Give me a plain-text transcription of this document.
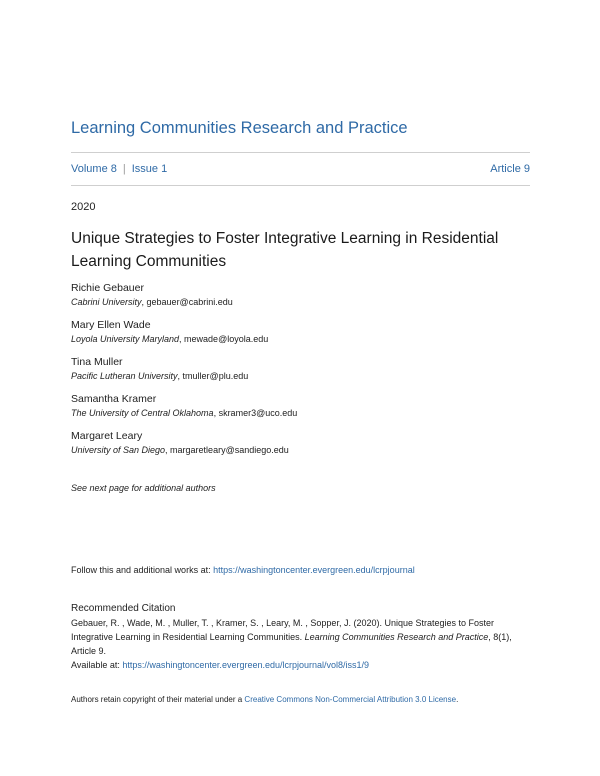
Learning Communities Research and Practice
Volume 8 | Issue 1	Article 9
2020
Unique Strategies to Foster Integrative Learning in Residential Learning Communities
Richie Gebauer
Cabrini University, gebauer@cabrini.edu
Mary Ellen Wade
Loyola University Maryland, mewade@loyola.edu
Tina Muller
Pacific Lutheran University, tmuller@plu.edu
Samantha Kramer
The University of Central Oklahoma, skramer3@uco.edu
Margaret Leary
University of San Diego, margaretleary@sandiego.edu
See next page for additional authors
Follow this and additional works at: https://washingtoncenter.evergreen.edu/lcrpjournal
Recommended Citation
Gebauer, R. , Wade, M. , Muller, T. , Kramer, S. , Leary, M. , Sopper, J. (2020). Unique Strategies to Foster Integrative Learning in Residential Learning Communities. Learning Communities Research and Practice, 8(1), Article 9.
Available at: https://washingtoncenter.evergreen.edu/lcrpjournal/vol8/iss1/9
Authors retain copyright of their material under a Creative Commons Non-Commercial Attribution 3.0 License.
